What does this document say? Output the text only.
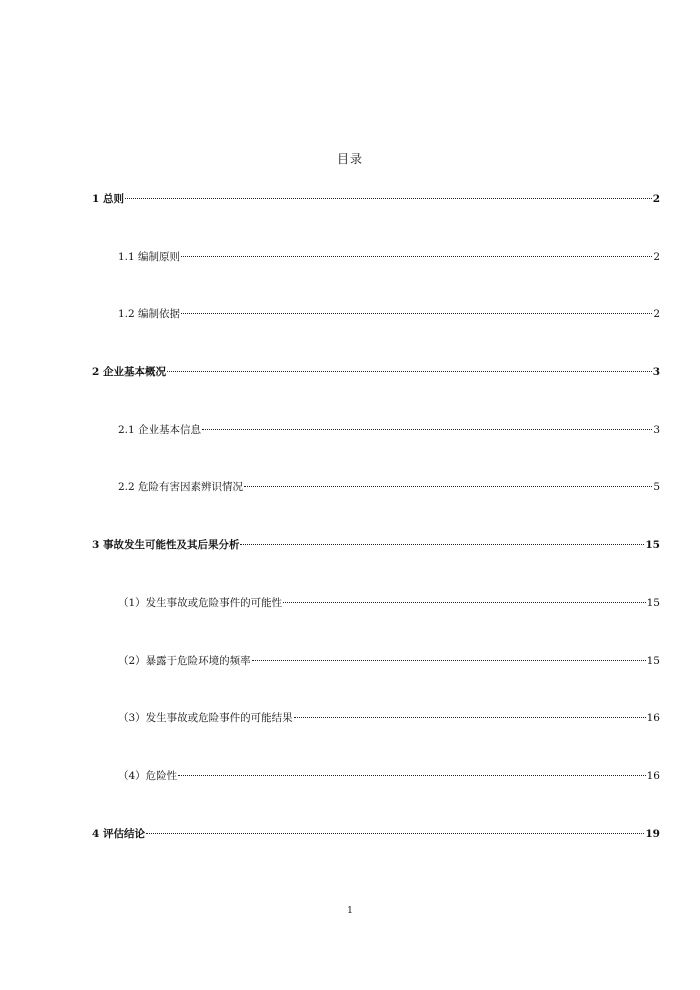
目录
1 总则	2
1.1 编制原则	2
1.2 编制依据	2
2 企业基本概况	3
2.1 企业基本信息	3
2.2 危险有害因素辨识情况	5
3 事故发生可能性及其后果分析	15
（1）发生事故或危险事件的可能性	15
（2）暴露于危险环境的频率	15
（3）发生事故或危险事件的可能结果	16
（4）危险性	16
4 评估结论	19
1
